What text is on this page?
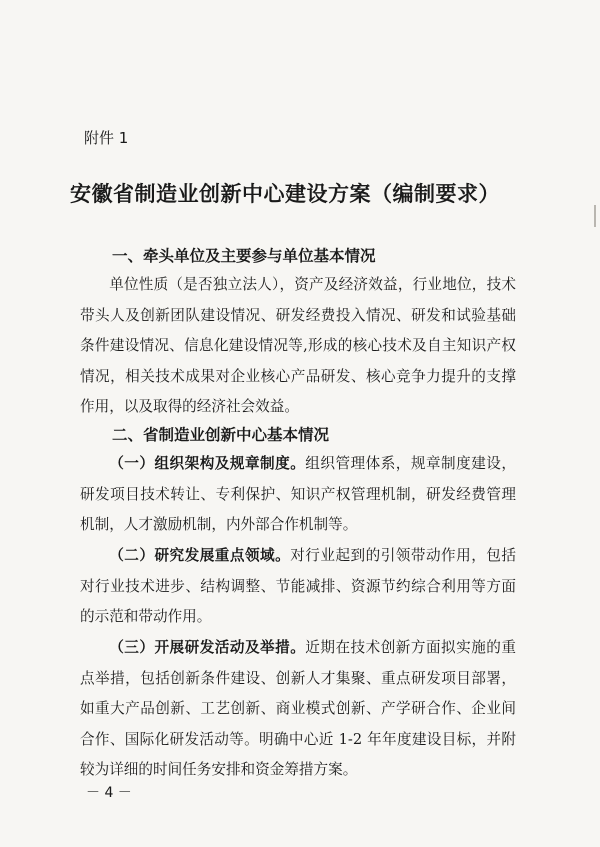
附件 1
安徽省制造业创新中心建设方案（编制要求）
一、牵头单位及主要参与单位基本情况

单位性质（是否独立法人），资产及经济效益，行业地位，技术带头人及创新团队建设情况、研发经费投入情况、研发和试验基础条件建设情况、信息化建设情况等,形成的核心技术及自主知识产权情况，相关技术成果对企业核心产品研发、核心竞争力提升的支撑作用，以及取得的经济社会效益。

二、省制造业创新中心基本情况

（一）组织架构及规章制度。组织管理体系，规章制度建设，研发项目技术转让、专利保护、知识产权管理机制，研发经费管理机制，人才激励机制，内外部合作机制等。

（二）研究发展重点领域。对行业起到的引领带动作用，包括对行业技术进步、结构调整、节能减排、资源节约综合利用等方面的示范和带动作用。

（三）开展研发活动及举措。近期在技术创新方面拟实施的重点举措，包括创新条件建设、创新人才集聚、重点研发项目部署，如重大产品创新、工艺创新、商业模式创新、产学研合作、企业间合作、国际化研发活动等。明确中心近 1-2 年年度建设目标，并附较为详细的时间任务安排和资金筹措方案。

－ 4 －
